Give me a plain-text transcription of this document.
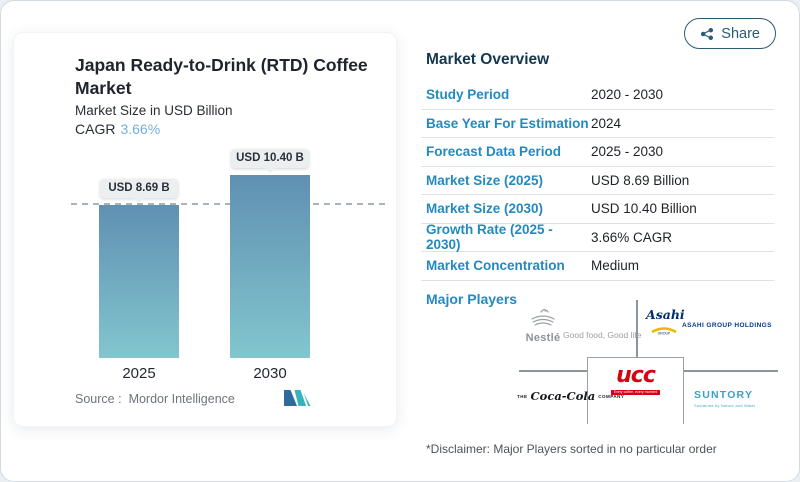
Share
Japan Ready-to-Drink (RTD) Coffee Market
Market Size in USD Billion
CAGR 3.66%
USD 8.69 B
USD 10.40 B
2025	2030
Source : Mordor Intelligence
Market Overview
Study Period	2020 - 2030
Base Year For Estimation 2024
Forecast Data Period	2025 - 2030
Market Size (2025)	USD 8.69 Billion
Market Size (2030)	USD 10.40 Billion
Growth Rate (2025 - 2030)	3.66% CAGR
Market Concentration	Medium
Major Players
Nestlé Good food, Good life
Asahi
GROUP
ASAHI GROUP HOLDINGS
ucc
Every coffee, every moment
THE Coca-Cola COMPANY	SUNTORY
Sustained by Nature and Water
*Disclaimer: Major Players sorted in no particular order
